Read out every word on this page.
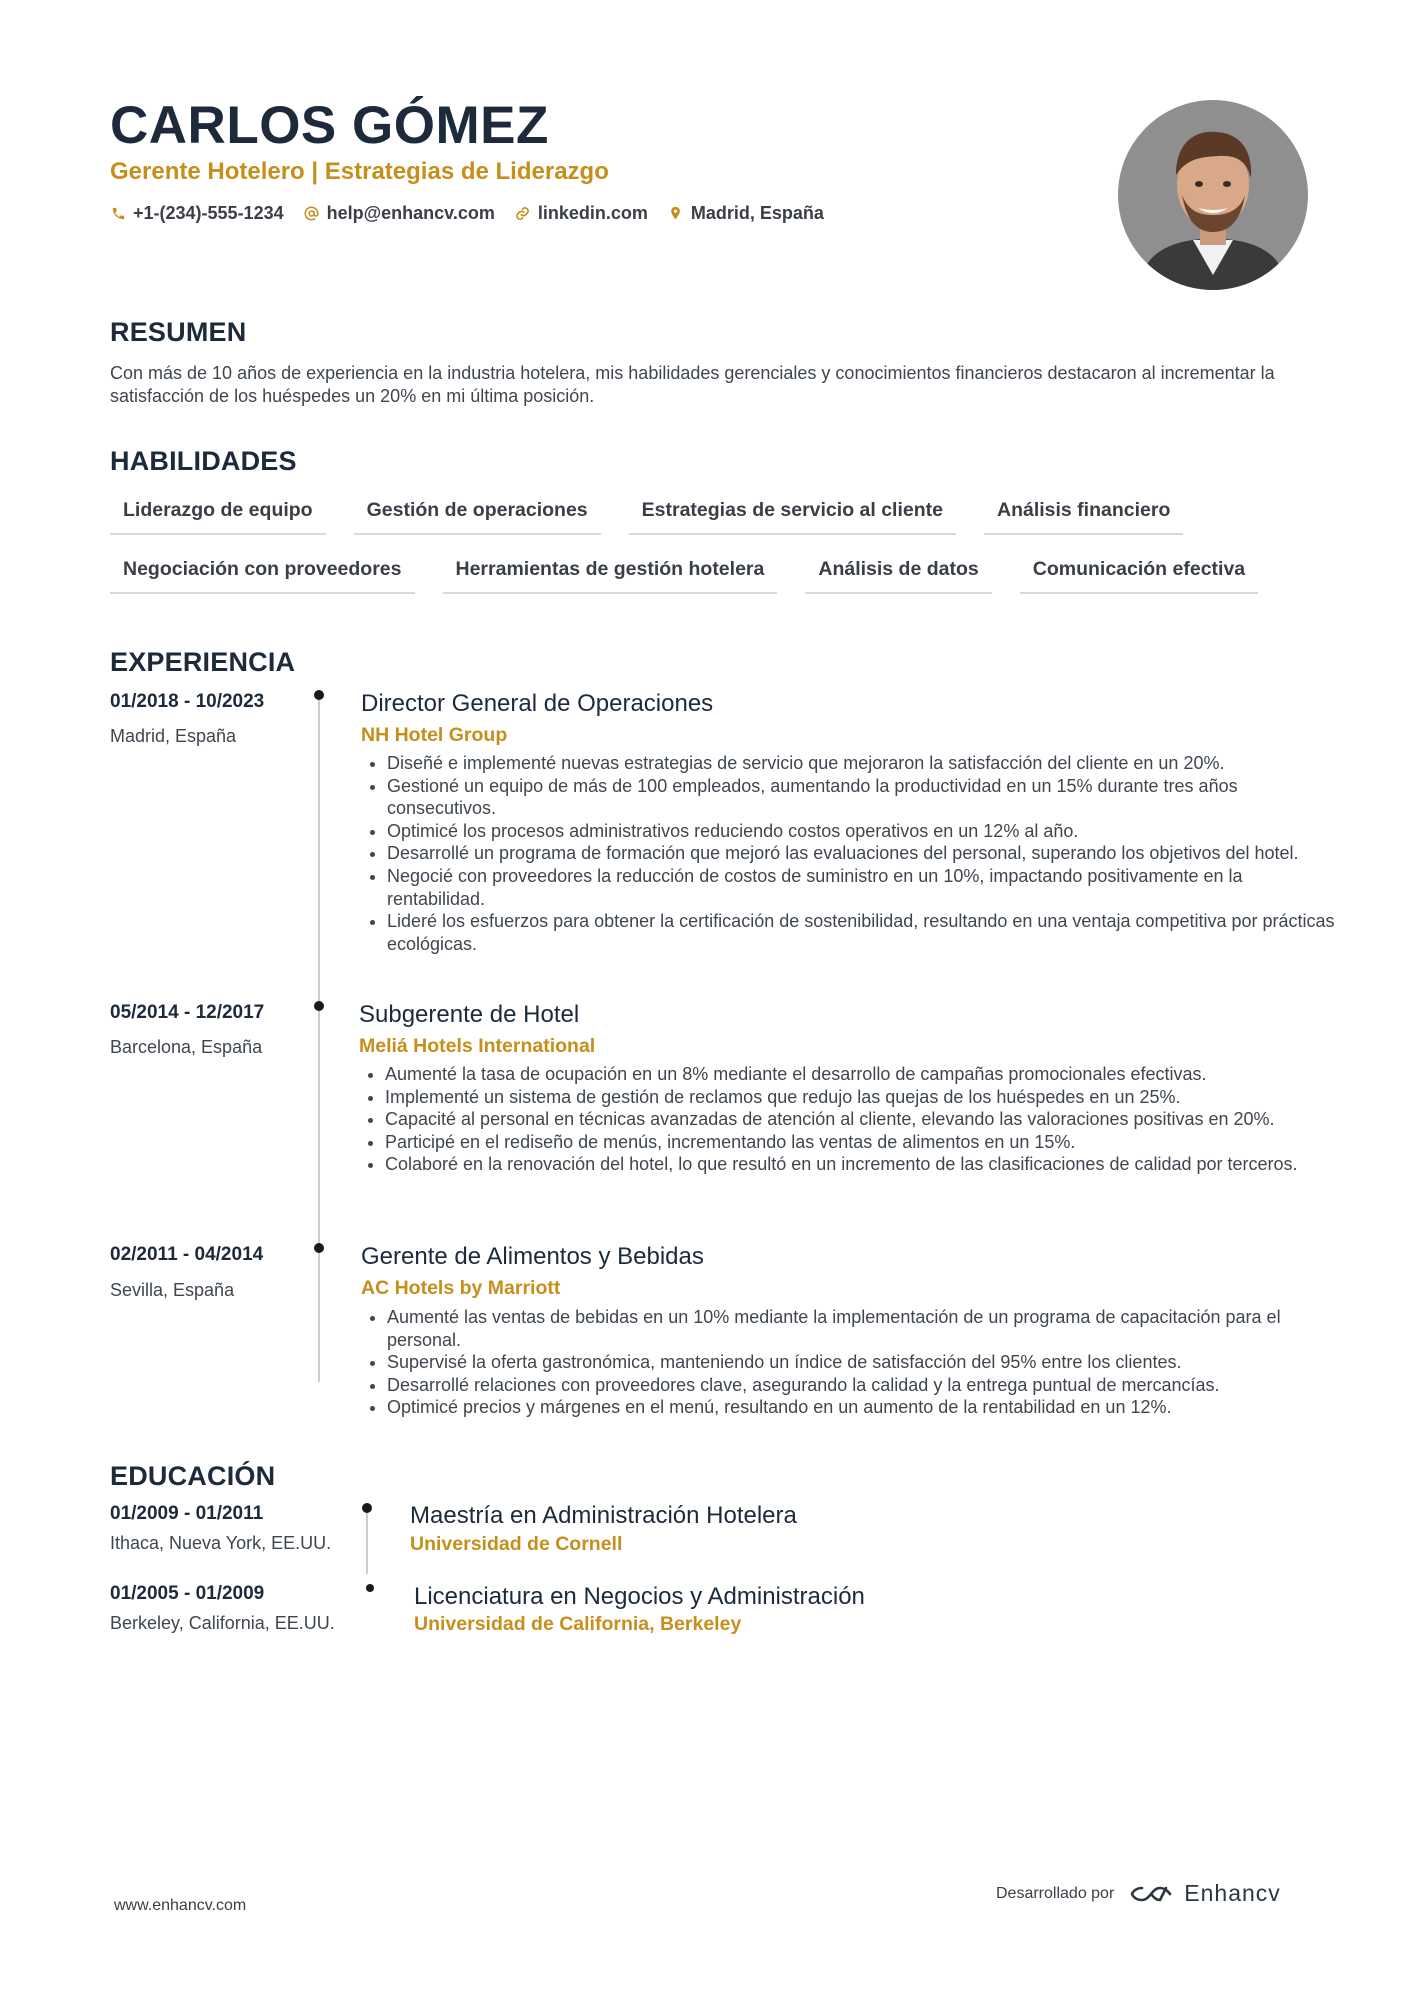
CARLOS GÓMEZ
Gerente Hotelero | Estrategias de Liderazgo
+1-(234)-555-1234 help@enhancv.com linkedin.com Madrid, España
RESUMEN

Con más de 10 años de experiencia en la industria hotelera, mis habilidades gerenciales y conocimientos financieros destacaron al incrementar la satisfacción de los huéspedes un 20% en mi última posición.

HABILIDADES
Liderazgo de equipo	Gestión de operaciones	Estrategias de servicio al cliente	Análisis financiero
Negociación con proveedores	Herramientas de gestión hotelera	Análisis de datos	Comunicación efectiva
EXPERIENCIA
01/2018 - 10/2023
Madrid, España
Director General de Operaciones
NH Hotel Group
• Diseñé e implementé nuevas estrategias de servicio que mejoraron la satisfacción del cliente en un 20%.
• Gestioné un equipo de más de 100 empleados, aumentando la productividad en un 15% durante tres años consecutivos.
• Optimicé los procesos administrativos reduciendo costos operativos en un 12% al año.
• Desarrollé un programa de formación que mejoró las evaluaciones del personal, superando los objetivos del hotel.
• Negocié con proveedores la reducción de costos de suministro en un 10%, impactando positivamente en la rentabilidad.
• Lideré los esfuerzos para obtener la certificación de sostenibilidad, resultando en una ventaja competitiva por prácticas ecológicas.
05/2014 - 12/2017
Barcelona, España
Subgerente de Hotel
Meliá Hotels International
• Aumenté la tasa de ocupación en un 8% mediante el desarrollo de campañas promocionales efectivas.
• Implementé un sistema de gestión de reclamos que redujo las quejas de los huéspedes en un 25%.
• Capacité al personal en técnicas avanzadas de atención al cliente, elevando las valoraciones positivas en 20%.
• Participé en el rediseño de menús, incrementando las ventas de alimentos en un 15%.
• Colaboré en la renovación del hotel, lo que resultó en un incremento de las clasificaciones de calidad por terceros.
02/2011 - 04/2014
Sevilla, España
Gerente de Alimentos y Bebidas
AC Hotels by Marriott
• Aumenté las ventas de bebidas en un 10% mediante la implementación de un programa de capacitación para el personal.
• Supervisé la oferta gastronómica, manteniendo un índice de satisfacción del 95% entre los clientes.
• Desarrollé relaciones con proveedores clave, asegurando la calidad y la entrega puntual de mercancías.
• Optimicé precios y márgenes en el menú, resultando en un aumento de la rentabilidad en un 12%.
EDUCACIÓN
01/2009 - 01/2011
Ithaca, Nueva York, EE.UU.
Maestría en Administración Hotelera
Universidad de Cornell
01/2005 - 01/2009
Berkeley, California, EE.UU.
Licenciatura en Negocios y Administración
Universidad de California, Berkeley
www.enhancv.com
Desarrollado por	Enhancv
